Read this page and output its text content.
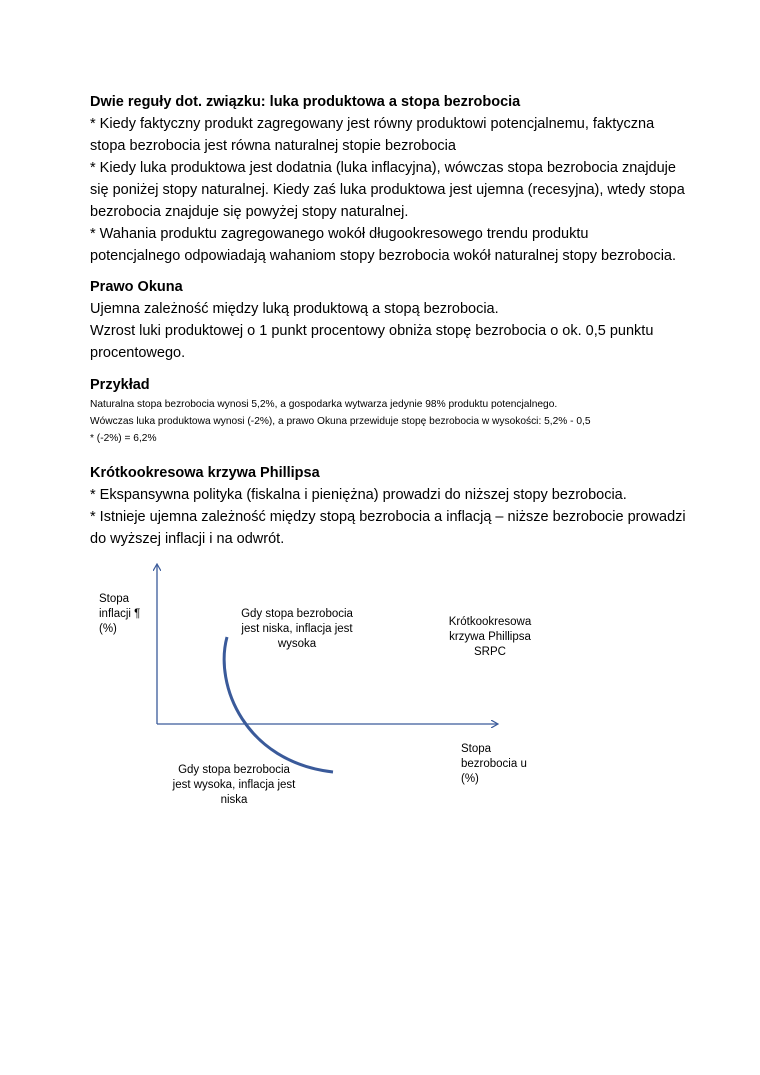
Dwie reguły dot. związku: luka produktowa a stopa bezrobocia
* Kiedy faktyczny produkt zagregowany jest równy produktowi potencjalnemu, faktyczna
stopa bezrobocia jest równa naturalnej stopie bezrobocia
* Kiedy luka produktowa jest dodatnia (luka inflacyjna), wówczas stopa bezrobocia znajduje
się poniżej stopy naturalnej. Kiedy zaś luka produktowa jest ujemna (recesyjna), wtedy stopa
bezrobocia znajduje się powyżej stopy naturalnej.
* Wahania produktu zagregowanego wokół długookresowego trendu produktu
potencjalnego odpowiadają wahaniom stopy bezrobocia wokół naturalnej stopy bezrobocia.
Prawo Okuna
Ujemna zależność między luką produktową a stopą bezrobocia.
Wzrost luki produktowej o 1 punkt procentowy obniża stopę bezrobocia o ok. 0,5 punktu
procentowego.
Przykład
Naturalna stopa bezrobocia wynosi 5,2%, a gospodarka wytwarza jedynie 98% produktu potencjalnego.
Wówczas luka produktowa wynosi (-2%), a prawo Okuna przewiduje stopę bezrobocia w wysokości: 5,2% - 0,5
* (-2%) = 6,2%
Krótkookresowa krzywa Phillipsa
* Ekspansywna polityka (fiskalna i pieniężna) prowadzi do niższej stopy bezrobocia.
* Istnieje ujemna zależność między stopą bezrobocia a inflacją – niższe bezrobocie prowadzi
do wyższej inflacji i na odwrót.
Stopa
inflacji ¶
(%)
Gdy stopa bezrobocia
jest niska, inflacja jest
wysoka
Krótkookresowa
krzywa Phillipsa
SRPC
Stopa
bezrobocia u
(%)
Gdy stopa bezrobocia
jest wysoka, inflacja jest
niska
